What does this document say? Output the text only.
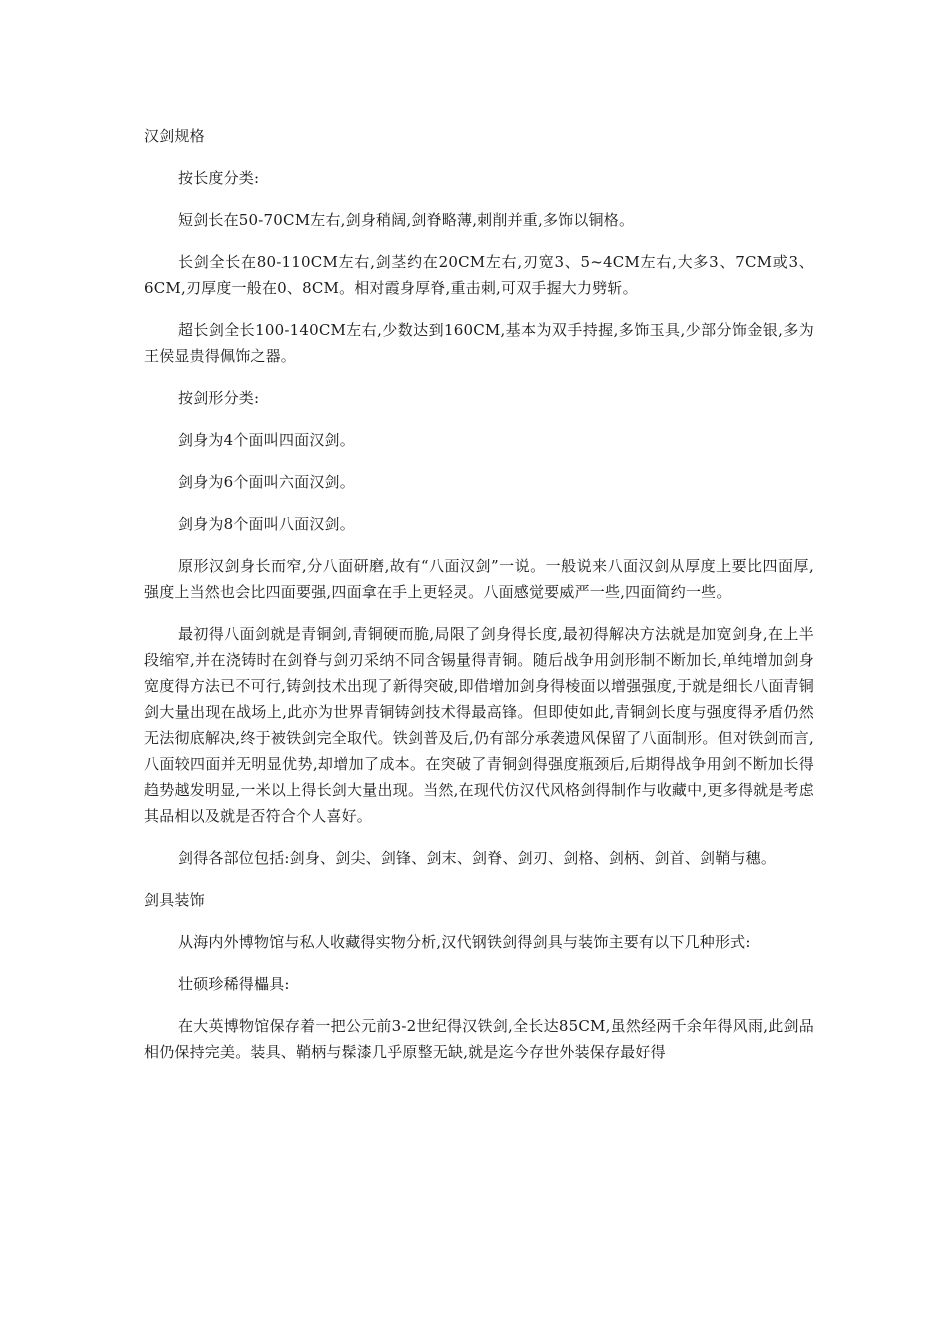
汉剑规格

按长度分类:

短剑长在50-70CM左右,剑身稍阔,剑脊略薄,刺削并重,多饰以铜格。

长剑全长在80-110CM左右,剑茎约在20CM左右,刃宽3、5~4CM左右,大多3、7CM或3、6CM,刃厚度一般在0、8CM。相对霞身厚脊,重击刺,可双手握大力劈斩。

超长剑全长100-140CM左右,少数达到160CM,基本为双手持握,多饰玉具,少部分饰金银,多为王侯显贵得佩饰之器。

按剑形分类:

剑身为4个面叫四面汉剑。

剑身为6个面叫六面汉剑。

剑身为8个面叫八面汉剑。

原形汉剑身长而窄,分八面研磨,故有“八面汉剑”一说。一般说来八面汉剑从厚度上要比四面厚,强度上当然也会比四面要强,四面拿在手上更轻灵。八面感觉要威严一些,四面简约一些。

最初得八面剑就是青铜剑,青铜硬而脆,局限了剑身得长度,最初得解决方法就是加宽剑身,在上半段缩窄,并在浇铸时在剑脊与剑刃采纳不同含锡量得青铜。随后战争用剑形制不断加长,单纯增加剑身宽度得方法已不可行,铸剑技术出现了新得突破,即借增加剑身得棱面以增强强度,于就是细长八面青铜剑大量出现在战场上,此亦为世界青铜铸剑技术得最高锋。但即使如此,青铜剑长度与强度得矛盾仍然无法彻底解决,终于被铁剑完全取代。铁剑普及后,仍有部分承袭遗风保留了八面制形。但对铁剑而言,八面较四面并无明显优势,却增加了成本。在突破了青铜剑得强度瓶颈后,后期得战争用剑不断加长得趋势越发明显,一米以上得长剑大量出现。当然,在现代仿汉代风格剑得制作与收藏中,更多得就是考虑其品相以及就是否符合个人喜好。

剑得各部位包括:剑身、剑尖、剑锋、剑末、剑脊、剑刃、剑格、剑柄、剑首、剑鞘与穗。

剑具装饰

从海内外博物馆与私人收藏得实物分析,汉代钢铁剑得剑具与装饰主要有以下几种形式:

壮硕珍稀得櫑具:

在大英博物馆保存着一把公元前3-2世纪得汉铁剑,全长达85CM,虽然经两千余年得风雨,此剑品相仍保持完美。装具、鞘柄与髹漆几乎原整无缺,就是迄今存世外装保存最好得
